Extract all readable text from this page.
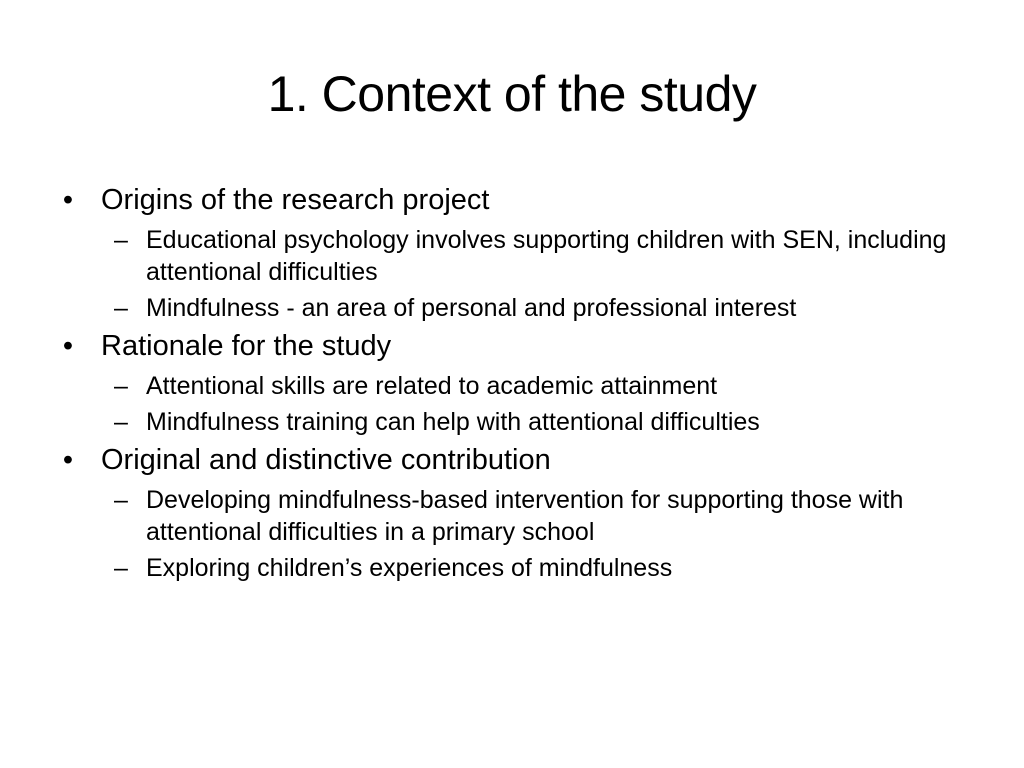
1. Context of the study
• Origins of the research project
– Educational psychology involves supporting children with SEN, including attentional difficulties
– Mindfulness - an area of personal and professional interest
• Rationale for the study
– Attentional skills are related to academic attainment
– Mindfulness training can help with attentional difficulties
• Original and distinctive contribution
– Developing mindfulness-based intervention for supporting those with attentional difficulties in a primary school
– Exploring children’s experiences of mindfulness
